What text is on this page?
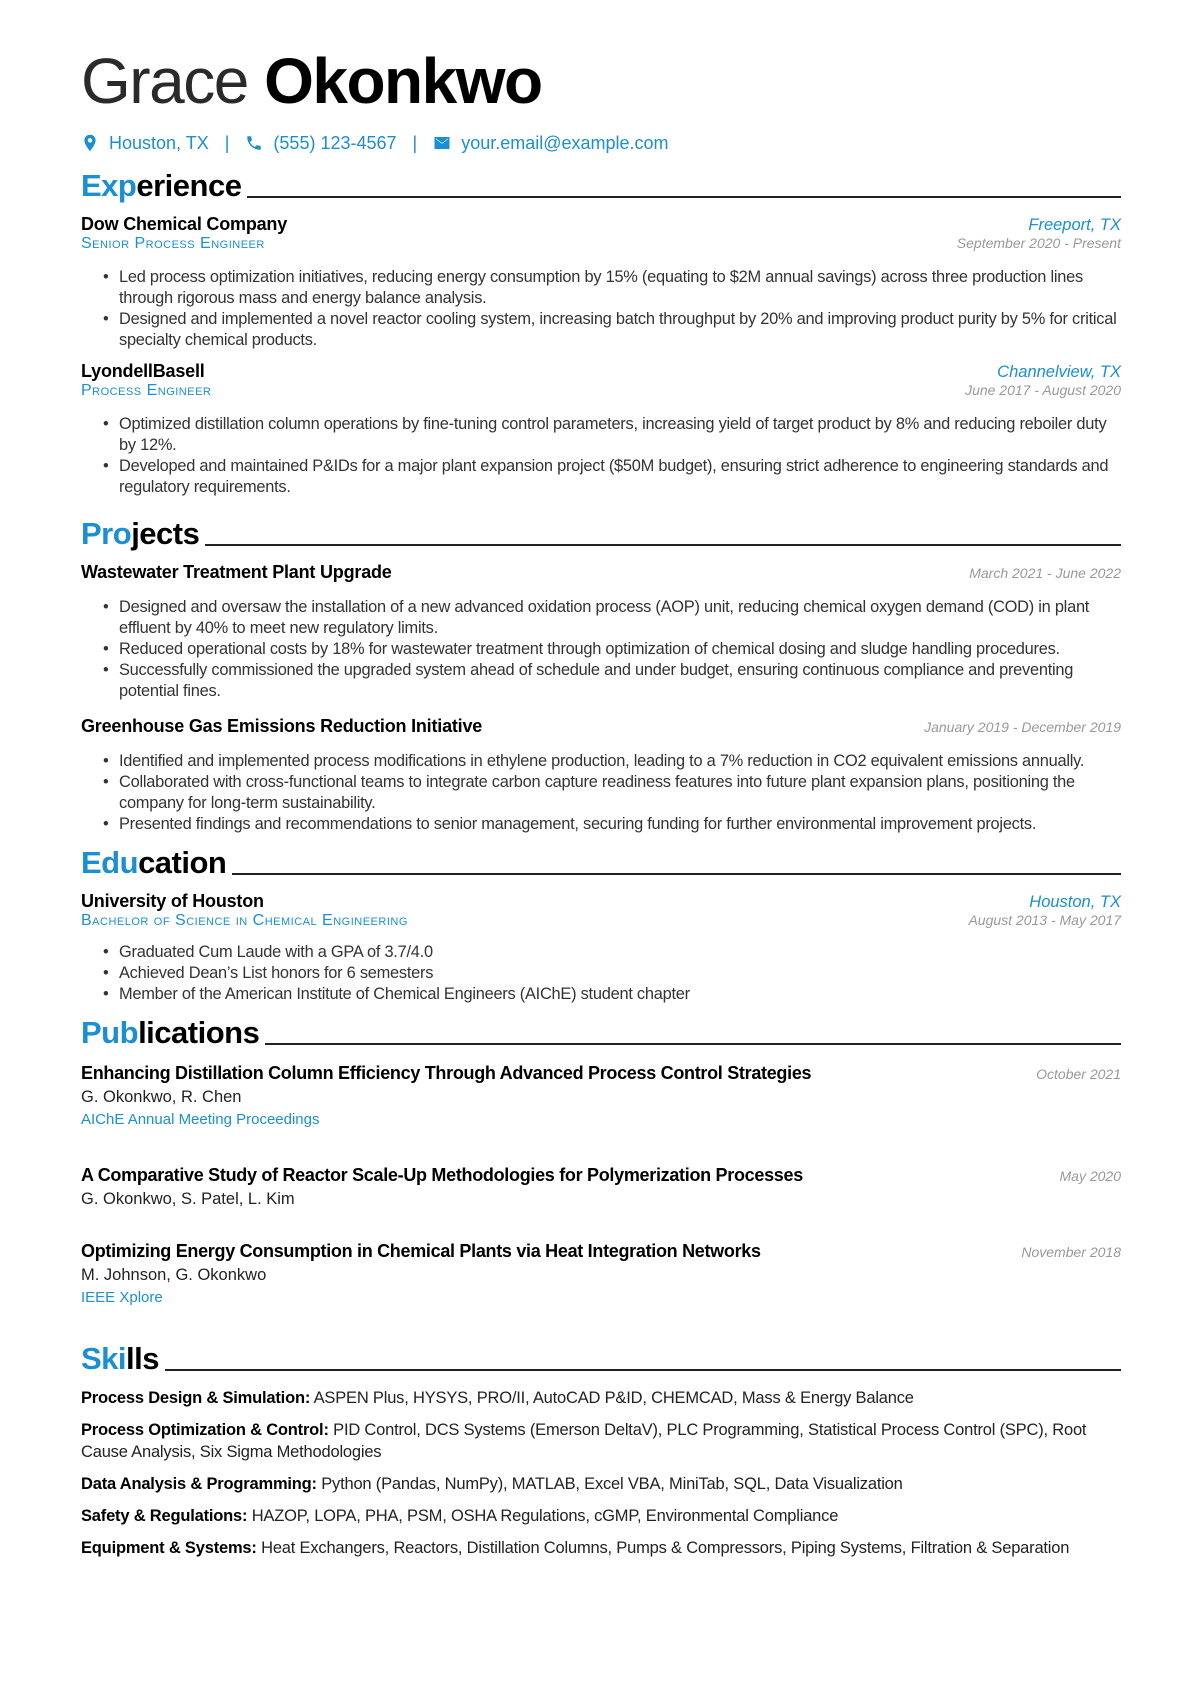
Grace Okonkwo
Houston, TX | (555) 123-4567 | your.email@example.com
Experience
Dow Chemical Company	Freeport, TX
Senior Process Engineer	September 2020 - Present
• Led process optimization initiatives, reducing energy consumption by 15% (equating to $2M annual savings) across three production lines through rigorous mass and energy balance analysis.
• Designed and implemented a novel reactor cooling system, increasing batch throughput by 20% and improving product purity by 5% for critical specialty chemical products.
LyondellBasell	Channelview, TX
Process Engineer	June 2017 - August 2020
• Optimized distillation column operations by fine-tuning control parameters, increasing yield of target product by 8% and reducing reboiler duty by 12%.
• Developed and maintained P&IDs for a major plant expansion project ($50M budget), ensuring strict adherence to engineering standards and regulatory requirements.
Projects
Wastewater Treatment Plant Upgrade	March 2021 - June 2022
• Designed and oversaw the installation of a new advanced oxidation process (AOP) unit, reducing chemical oxygen demand (COD) in plant effluent by 40% to meet new regulatory limits.
• Reduced operational costs by 18% for wastewater treatment through optimization of chemical dosing and sludge handling procedures.
• Successfully commissioned the upgraded system ahead of schedule and under budget, ensuring continuous compliance and preventing potential fines.
Greenhouse Gas Emissions Reduction Initiative	January 2019 - December 2019
• Identified and implemented process modifications in ethylene production, leading to a 7% reduction in CO2 equivalent emissions annually.
• Collaborated with cross-functional teams to integrate carbon capture readiness features into future plant expansion plans, positioning the company for long-term sustainability.
• Presented findings and recommendations to senior management, securing funding for further environmental improvement projects.
Education
University of Houston	Houston, TX
Bachelor of Science in Chemical Engineering	August 2013 - May 2017
• Graduated Cum Laude with a GPA of 3.7/4.0
• Achieved Dean’s List honors for 6 semesters
• Member of the American Institute of Chemical Engineers (AIChE) student chapter
Publications
Enhancing Distillation Column Efficiency Through Advanced Process Control Strategies	October 2021
G. Okonkwo, R. Chen
AIChE Annual Meeting Proceedings
A Comparative Study of Reactor Scale-Up Methodologies for Polymerization Processes	May 2020
G. Okonkwo, S. Patel, L. Kim
Optimizing Energy Consumption in Chemical Plants via Heat Integration Networks	November 2018
M. Johnson, G. Okonkwo
IEEE Xplore
Skills
Process Design & Simulation: ASPEN Plus, HYSYS, PRO/II, AutoCAD P&ID, CHEMCAD, Mass & Energy Balance
Process Optimization & Control: PID Control, DCS Systems (Emerson DeltaV), PLC Programming, Statistical Process Control (SPC), Root Cause Analysis, Six Sigma Methodologies
Data Analysis & Programming: Python (Pandas, NumPy), MATLAB, Excel VBA, MiniTab, SQL, Data Visualization
Safety & Regulations: HAZOP, LOPA, PHA, PSM, OSHA Regulations, cGMP, Environmental Compliance
Equipment & Systems: Heat Exchangers, Reactors, Distillation Columns, Pumps & Compressors, Piping Systems, Filtration & Separation
